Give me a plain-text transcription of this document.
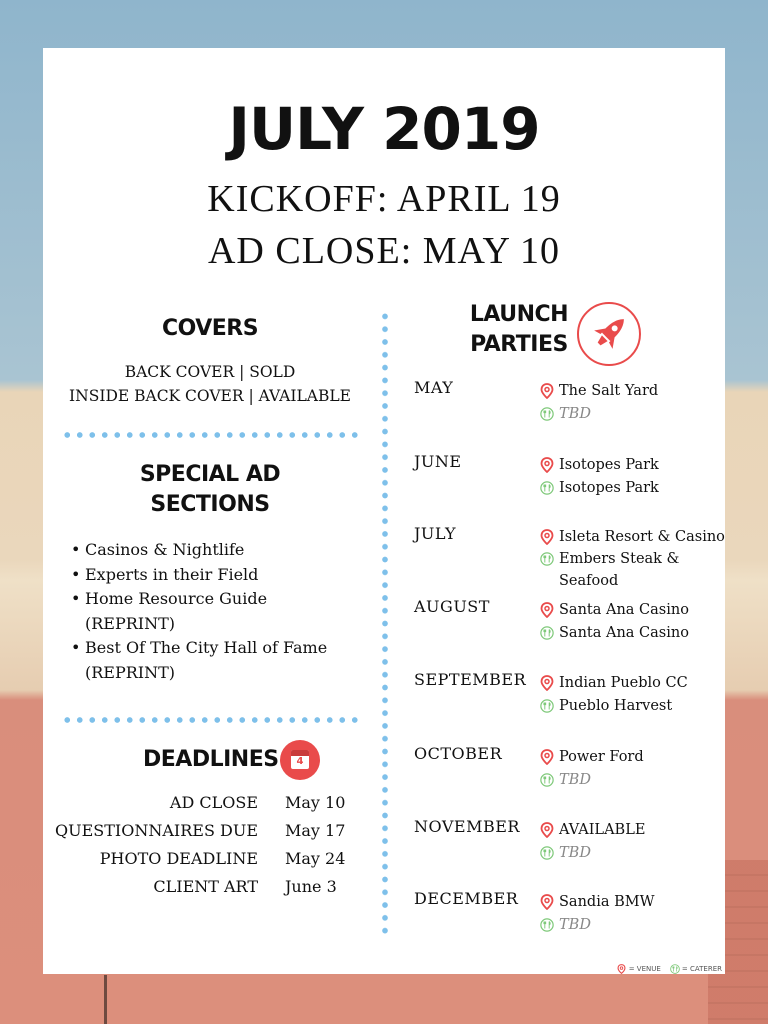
JULY 2019
KICKOFF: APRIL 19
AD CLOSE: MAY 10
COVERS
BACK COVER | SOLD
INSIDE BACK COVER | AVAILABLE
SPECIAL AD
SECTIONS
• Casinos & Nightlife
• Experts in their Field
• Home Resource Guide
(REPRINT)
• Best Of The City Hall of Fame
(REPRINT)
DEADLINES	4
AD CLOSE May 10
QUESTIONNAIRES DUE May 17
PHOTO DEADLINE May 24
CLIENT ART June 3
LAUNCH
PARTIES
MAY	The Salt Yard
TBD
JUNE	Isotopes Park
Isotopes Park
JULY	Isleta Resort & Casino
Embers Steak & Seafood
AUGUST	Santa Ana Casino
Santa Ana Casino
SEPTEMBER	Indian Pueblo CC
Pueblo Harvest
OCTOBER	Power Ford
TBD
NOVEMBER	AVAILABLE
TBD
DECEMBER	Sandia BMW
TBD
= VENUE	= CATERER
